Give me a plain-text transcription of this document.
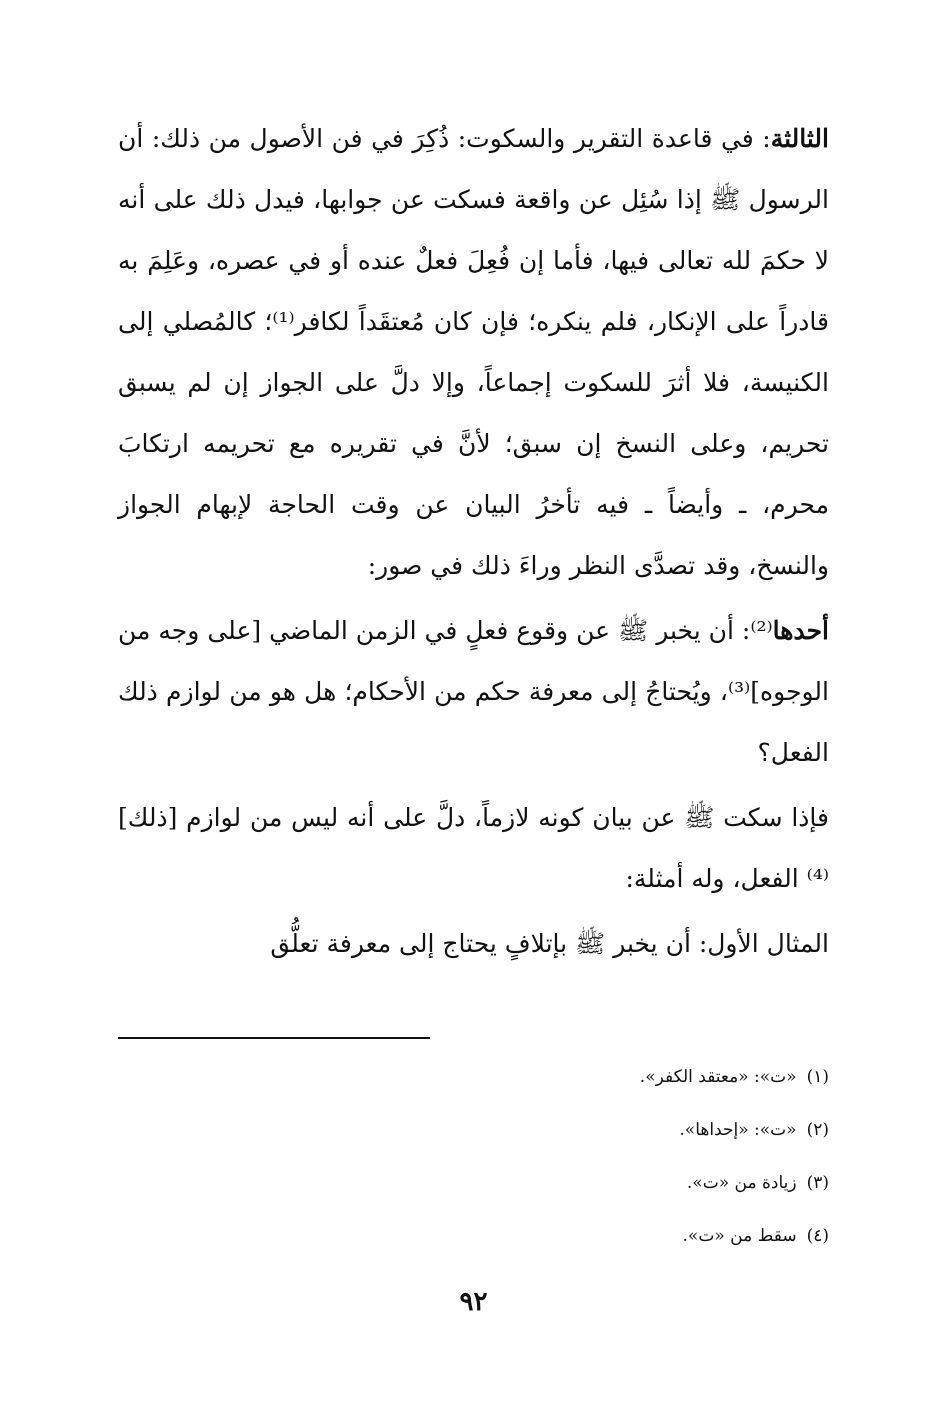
الثالثة: في قاعدة التقرير والسكوت: ذُكِرَ في فن الأصول من ذلك: أن الرسول ﷺ إذا سُئِل عن واقعة فسكت عن جوابها، فيدل ذلك على أنه لا حكمَ لله تعالى فيها، فأما إن فُعِلَ فعلٌ عنده أو في عصره، وعَلِمَ به قادراً على الإنكار، فلم ينكره؛ فإن كان مُعتقَداً لكافر⁽¹⁾؛ كالمُصلي إلى الكنيسة، فلا أثرَ للسكوت إجماعاً، وإلا دلَّ على الجواز إن لم يسبق تحريم، وعلى النسخ إن سبق؛ لأنَّ في تقريره مع تحريمه ارتكابَ محرم، ـ وأيضاً ـ فيه تأخرُ البيان عن وقت الحاجة لإبهام الجواز والنسخ، وقد تصدَّى النظر وراءَ ذلك في صور:

أحدها⁽²⁾: أن يخبر ﷺ عن وقوع فعلٍ في الزمن الماضي [على وجه من الوجوه]⁽³⁾، ويُحتاجُ إلى معرفة حكم من الأحكام؛ هل هو من لوازم ذلك الفعل؟

فإذا سكت ﷺ عن بيان كونه لازماً، دلَّ على أنه ليس من لوازم [ذلك]⁽⁴⁾ الفعل، وله أمثلة:

المثال الأول: أن يخبر ﷺ بإتلافٍ يحتاج إلى معرفة تعلُّق

(١)«ت»: «معتقد الكفر».
(٢)«ت»: «إحداها».
(٣)زيادة من «ت».
(٤)سقط من «ت».
٩٢
